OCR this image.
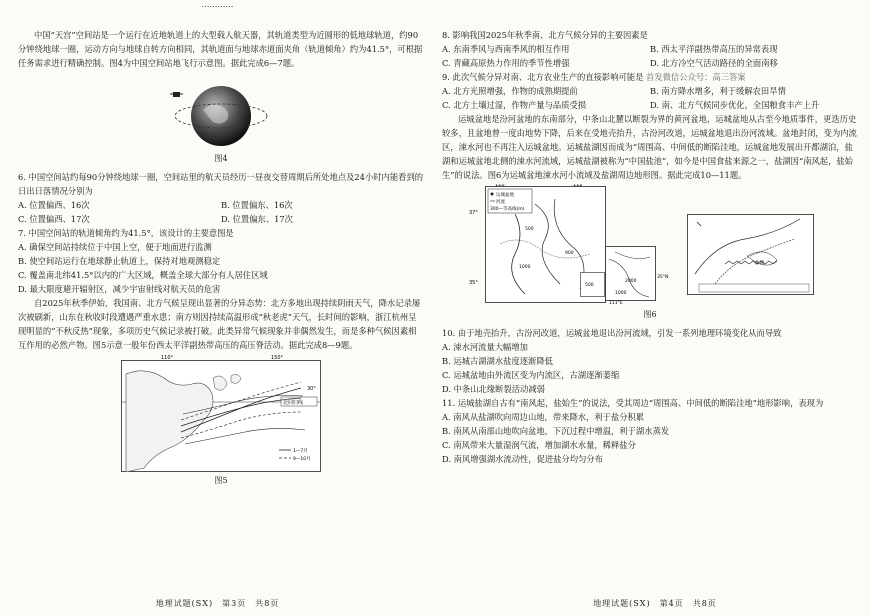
…………

中国“天宫”空间站是一个运行在近地轨道上的大型载人航天器，其轨道类型为近圆形的低地球轨道，约90分钟绕地球一圈，运动方向与地球自转方向相同，其轨道面与地球赤道面夹角（轨道倾角）约为41.5°，可根据任务需求进行精确控制。图4为中国空间站地飞行示意图。据此完成6—7题。

图4

6. 中国空间站约每90分钟绕地球一圈，空间站里的航天员经历一昼夜交替周期后所处地点及24小时内能看到的日出日落情况分别为

A. 位置偏西、16次	B. 位置偏东、16次
C. 位置偏西、17次	D. 位置偏东、17次

7. 中国空间站的轨道倾角约为41.5°，该设计的主要意图是

A. 确保空间站持续位于中国上空，便于地面进行监测

B. 使空间站运行在地球静止轨道上，保持对地观测稳定

C. 覆盖南北纬41.5°以内的广大区域，概盖全球大部分有人居住区域

D. 最大限度避开辐射区，减少宇宙射线对航天员的危害

自2025年秋季伊始，我国南、北方气候呈现出显著的分异态势：北方多地出现持续阴雨天气，降水记录屡次被刷新，山东在秋收时段遭遇严重水患；南方则因持续高温形成“秋老虎”天气，长时间的影响，浙江杭州呈现明显的“不秋反热”现象，多项历史气候记录被打破。此类异常气候现象并非偶然发生，而是多种气候因素相互作用的必然产物。图5示意一般年份西太平洋副热带高压的高压脊活动。据此完成8—9题。

110°	150°
30°
北回归线
1—7月
9—10月
图5
地理试题(SX)　第3页　共8页

8. 影响我国2025年秋季南、北方气候分异的主要因素是

A. 东南季风与西南季风的相互作用	B. 西太平洋副热带高压的异常表现
C. 青藏高原热力作用的季节性增强	D. 北方冷空气活动路径的全面南移

9. 此次气候分异对南、北方农业生产的直接影响可能是 首发微信公众号：高三答案

A. 北方光照增强，作物的成熟期提前	B. 南方降水增多，利于缓解农田旱情
C. 北方土壤过湿，作物产量与品质受损	D. 南、北方气候同步优化，全国粮食丰产上升

运城盆地是汾河盆地的东南部分，中条山北麓以断裂为界的黄河盆地，运城盆地从古至今地质事件，更迭历史较多，且盆地曾一度由地势下降，后来在受地壳抬升，古汾河改道，运城盆地退出汾河流域。盆地封闭，变为内流区，涑水河也不再注入运城盆地。运城盐湖因而成为“周围高、中间低的断陷洼地，运城盆地发展出开都湖泊，盐湖和运城盆地北侧的涑水河流域，运城盐湖被称为“中国盐池”，如今是中国食盐来源之一，盐湖因“南风起，盐始生”的说法。图6为运城盆地涑水河小流域及盐湖周边地形图。据此完成10—11题。

110°	112°
37°
35°
运城盆地
河流
300—等高线(m)
500
1000
900
500
111°E
35°N
2000
1000
盐湖
图6

10. 由于地壳抬升，古汾河改道，运城盆地退出汾河流域，引发一系列地理环境变化从而导致

A. 涑水河流量大幅增加

B. 运城古湖湖水盐度逐渐降低

C. 运城盆地由外流区变为内流区，古湖逐渐萎缩

D. 中条山北缘断裂活动减弱

11. 运城盐湖自古有“南风起，盐始生”的说法，受其周边“周围高、中间低的断陷洼地”地形影响，表现为

A. 南风从盐湖吹向周边山地，带来降水，利于盐分积累

B. 南风从南部山地吹向盆地，下沉过程中增温，利于湖水蒸发

C. 南风带来大量湿润气流，增加湖水水量，稀释盐分

D. 南风增强湖水流动性，促进盐分均匀分布

地理试题(SX)　第4页　共8页
